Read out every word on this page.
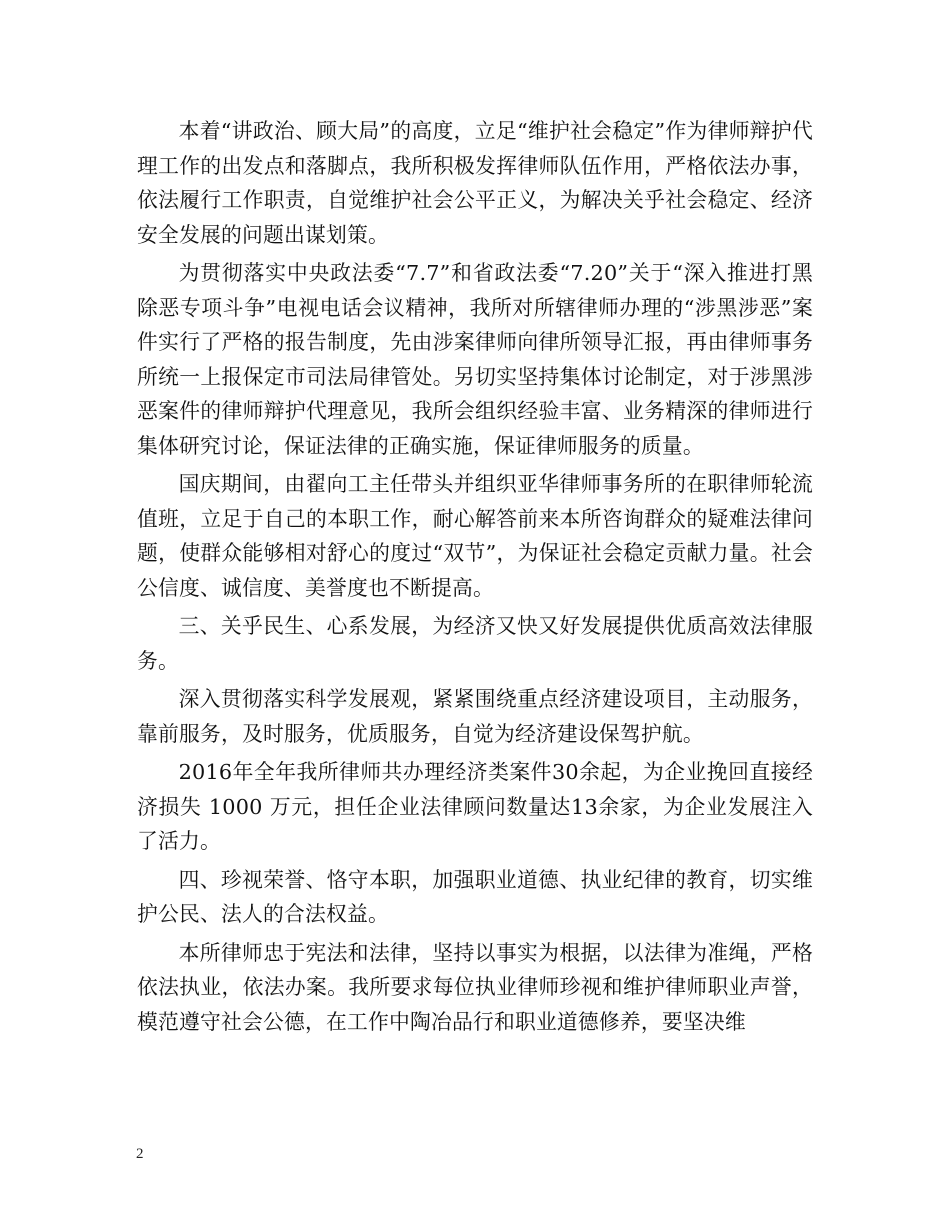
本着“讲政治、顾大局”的高度，立足“维护社会稳定”作为律师辩护代理工作的出发点和落脚点，我所积极发挥律师队伍作用，严格依法办事，依法履行工作职责，自觉维护社会公平正义，为解决关乎社会稳定、经济安全发展的问题出谋划策。

为贯彻落实中央政法委“7.7”和省政法委“7.20”关于“深入推进打黑除恶专项斗争”电视电话会议精神，我所对所辖律师办理的“涉黑涉恶”案件实行了严格的报告制度，先由涉案律师向律所领导汇报，再由律师事务所统一上报保定市司法局律管处。另切实坚持集体讨论制定，对于涉黑涉恶案件的律师辩护代理意见，我所会组织经验丰富、业务精深的律师进行集体研究讨论，保证法律的正确实施，保证律师服务的质量。

国庆期间，由翟向工主任带头并组织亚华律师事务所的在职律师轮流值班，立足于自己的本职工作，耐心解答前来本所咨询群众的疑难法律问题，使群众能够相对舒心的度过“双节”，为保证社会稳定贡献力量。社会公信度、诚信度、美誉度也不断提高。

三、关乎民生、心系发展，为经济又快又好发展提供优质高效法律服务。

深入贯彻落实科学发展观，紧紧围绕重点经济建设项目，主动服务，靠前服务，及时服务，优质服务，自觉为经济建设保驾护航。

2016年全年我所律师共办理经济类案件30余起，为企业挽回直接经济损失 1000 万元，担任企业法律顾问数量达13余家，为企业发展注入了活力。

四、珍视荣誉、恪守本职，加强职业道德、执业纪律的教育，切实维护公民、法人的合法权益。

本所律师忠于宪法和法律，坚持以事实为根据，以法律为准绳，严格依法执业，依法办案。我所要求每位执业律师珍视和维护律师职业声誉，模范遵守社会公德，在工作中陶冶品行和职业道德修养，要坚决维

2
